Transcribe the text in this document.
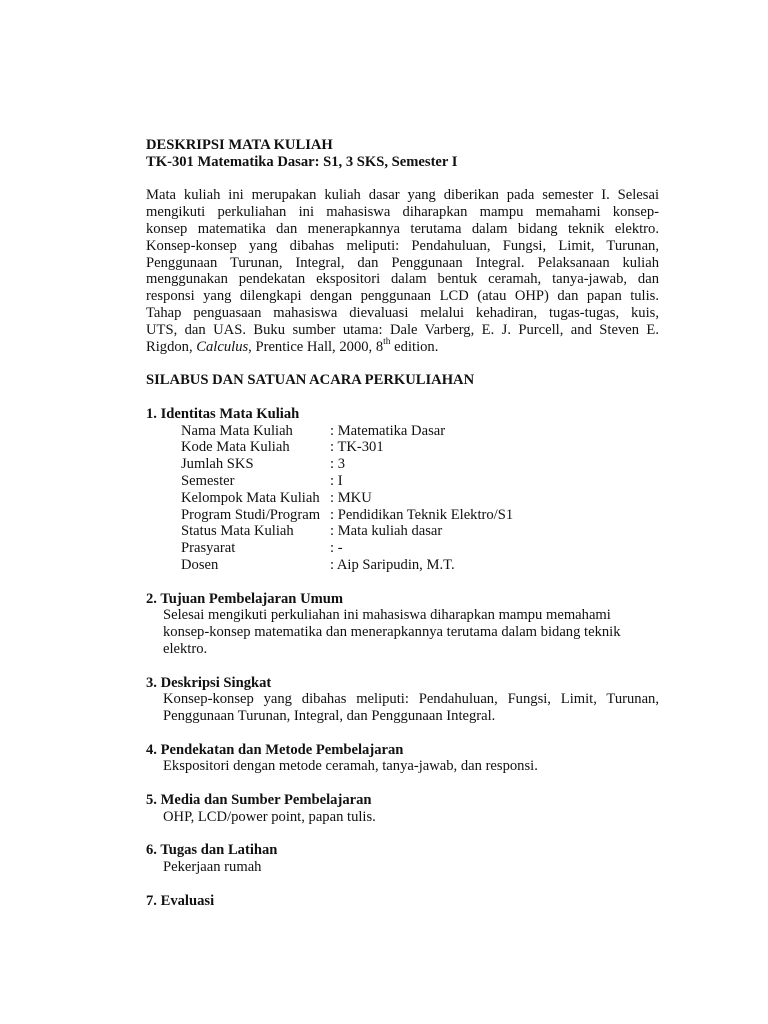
DESKRIPSI MATA KULIAH
TK-301 Matematika Dasar: S1, 3 SKS, Semester I

Mata kuliah ini merupakan kuliah dasar yang diberikan pada semester I. Selesai

mengikuti perkuliahan ini mahasiswa diharapkan mampu memahami konsep-

konsep matematika dan menerapkannya terutama dalam bidang teknik elektro.

Konsep-konsep yang dibahas meliputi: Pendahuluan, Fungsi, Limit, Turunan,

Penggunaan Turunan, Integral, dan Penggunaan Integral. Pelaksanaan kuliah

menggunakan pendekatan ekspositori dalam bentuk ceramah, tanya-jawab, dan

responsi yang dilengkapi dengan penggunaan LCD (atau OHP) dan papan tulis.

Tahap penguasaan mahasiswa dievaluasi melalui kehadiran, tugas-tugas, kuis,

UTS, dan UAS. Buku sumber utama: Dale Varberg, E. J. Purcell, and Steven E.

Rigdon, Calculus, Prentice Hall, 2000, 8th edition.

SILABUS DAN SATUAN ACARA PERKULIAHAN
1. Identitas Mata Kuliah
Nama Mata Kuliah	: Matematika Dasar
Kode Mata Kuliah	: TK-301
Jumlah SKS	: 3
Semester	: I
Kelompok Mata Kuliah : MKU
Program Studi/Program : Pendidikan Teknik Elektro/S1
Status Mata Kuliah	: Mata kuliah dasar
Prasyarat	: -
Dosen	: Aip Saripudin, M.T.
2. Tujuan Pembelajaran Umum

Selesai mengikuti perkuliahan ini mahasiswa diharapkan mampu memahami

konsep-konsep matematika dan menerapkannya terutama dalam bidang teknik

elektro.

3. Deskripsi Singkat

Konsep-konsep yang dibahas meliputi: Pendahuluan, Fungsi, Limit, Turunan,

Penggunaan Turunan, Integral, dan Penggunaan Integral.

4. Pendekatan dan Metode Pembelajaran

Ekspositori dengan metode ceramah, tanya-jawab, dan responsi.

5. Media dan Sumber Pembelajaran

OHP, LCD/power point, papan tulis.

6. Tugas dan Latihan

Pekerjaan rumah

7. Evaluasi
